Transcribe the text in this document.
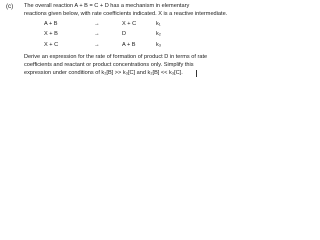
(c) The overall reaction A + B = C + D has a mechanism in elementary
reactions given below, with rate coefficients indicated. X is a reactive intermediate.
A + B	→	X + C	k₁
X + B	→	D	k₂
X + C	→	A + B	k₃
Derive an expression for the rate of formation of product D in terms of rate
coefficients and reactant or product concentrations only. Simplify this
expression under conditions of k₂[B] >> k₃[C] and k₂[B] << k₃[C].
